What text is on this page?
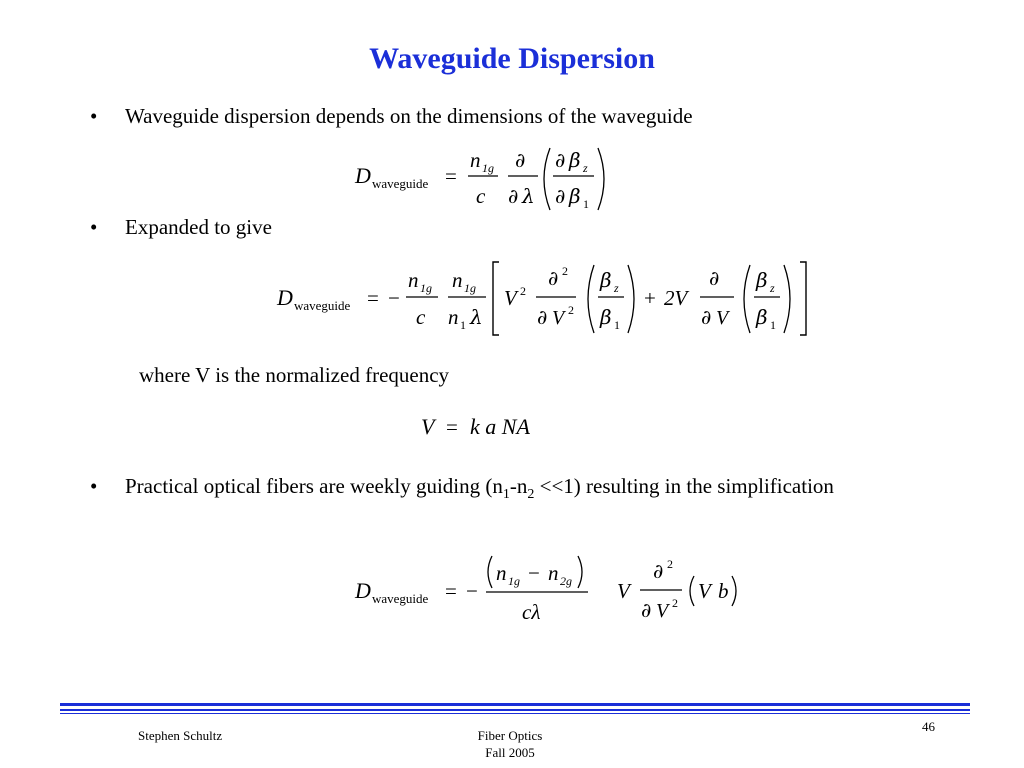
Waveguide Dispersion
• Waveguide dispersion depends on the dimensions of the waveguide
D waveguide =
n 1g
c
∂
∂ λ
∂ β z
∂ β 1
• Expanded to give
D waveguide = −
n 1g
c
n 1g
n 1 λ
V 2
∂ 2
∂ V 2
β z
β 1
+ 2V
∂
∂ V
β z
β 1
where V is the normalized frequency
V = k a NA
• Practical optical fibers are weekly guiding $(n_1-n_2 <<1)$ resulting in the simplification
D waveguide = −
n 1g − n 2g
cλ
V
∂ 2
∂ V 2 V b
Stephen Schultz	Fiber Optics
Fall 2005
46
